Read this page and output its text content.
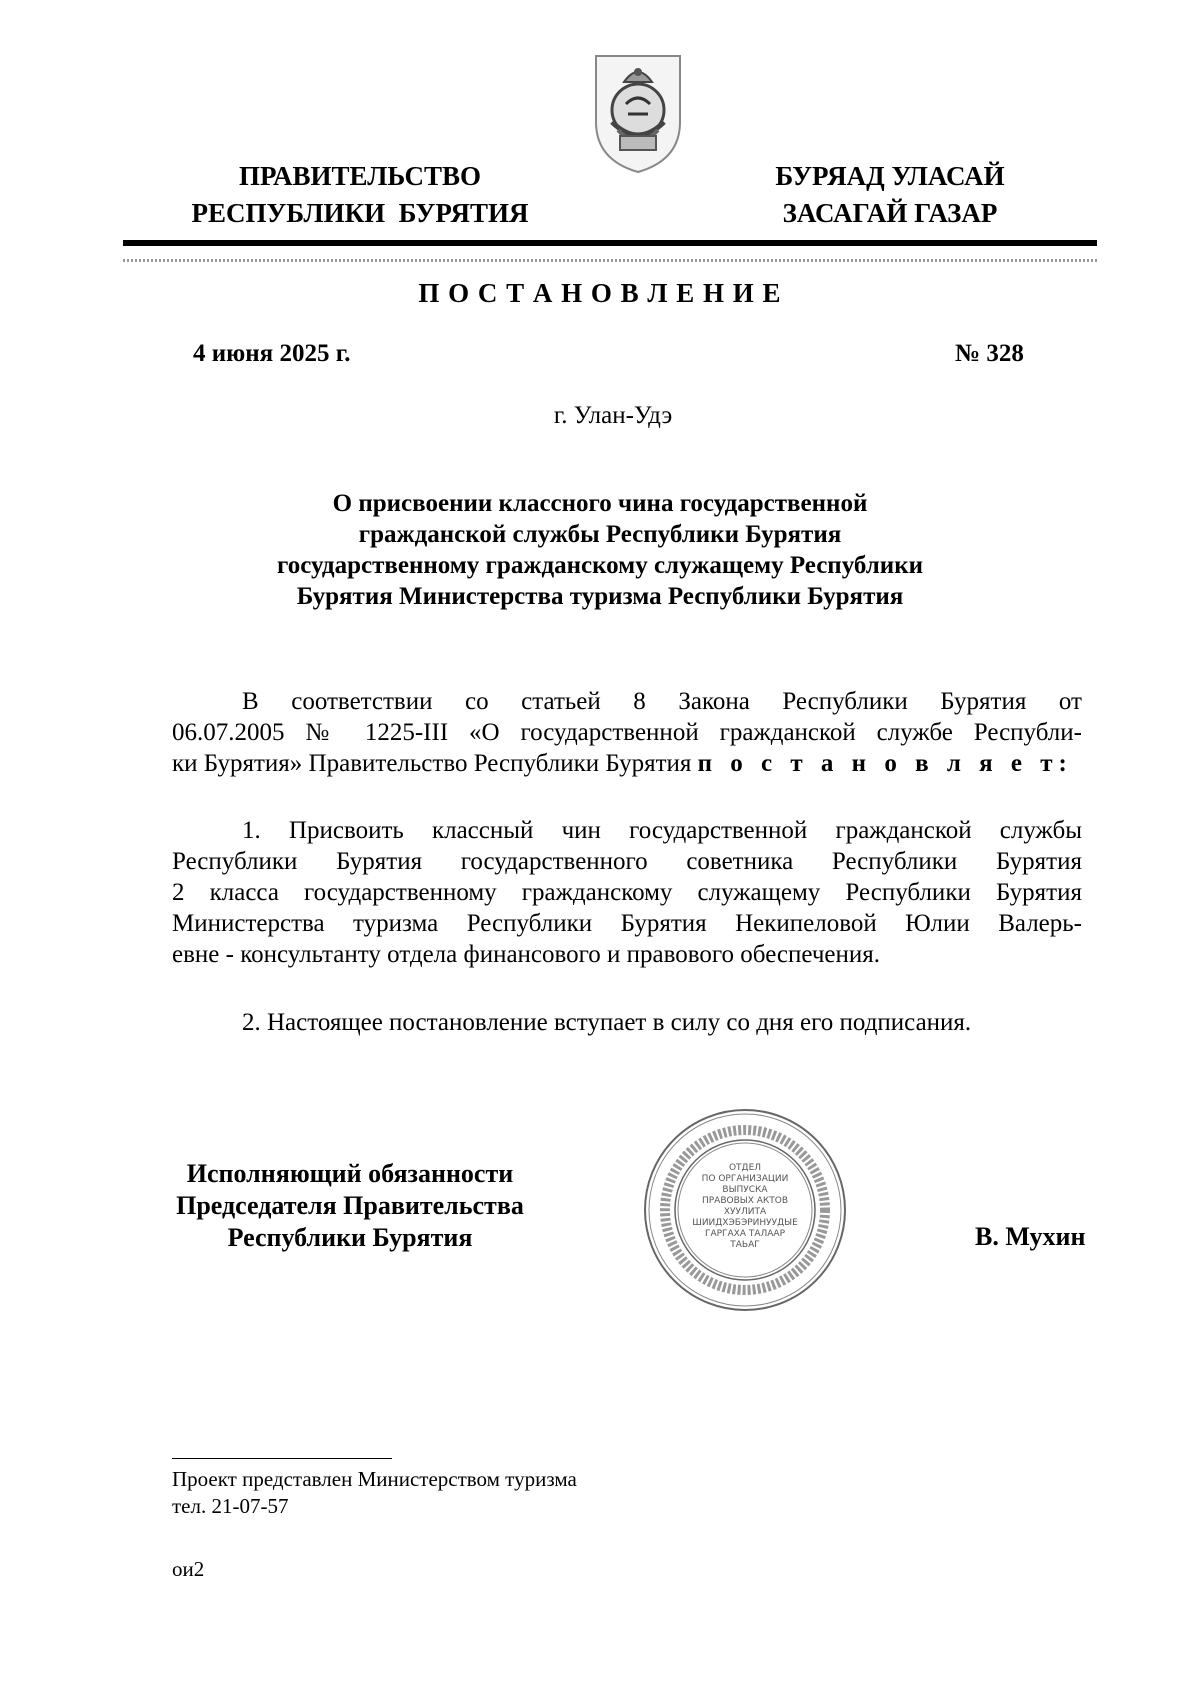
ПРАВИТЕЛЬСТВО
РЕСПУБЛИКИ  БУРЯТИЯ
БУРЯАД УЛАСАЙ
ЗАСАГАЙ ГАЗАР
П О С Т А Н О В Л Е Н И Е
4 июня 2025 г.	№ 328
г. Улан-Удэ
О присвоении классного чина государственной
гражданской службы Республики Бурятия
государственному гражданскому служащему Республики
Бурятия Министерства туризма Республики Бурятия
В соответствии со статьей 8 Закона Республики Бурятия от
06.07.2005 № 1225-III «О государственной гражданской службе Республи-
ки Бурятия» Правительство Республики Бурятия п о с т а н о в л я е т:
1. Присвоить классный чин государственной гражданской службы
Республики Бурятия государственного советника Республики Бурятия
2 класса государственному гражданскому служащему Республики Бурятия
Министерства туризма Республики Бурятия Некипеловой Юлии Валерь-
евне - консультанту отдела финансового и правового обеспечения.
2. Настоящее постановление вступает в силу со дня его подписания.
Исполняющий обязанности
Председателя Правительства
Республики Бурятия
ОТДЕЛ
ПО ОРГАНИЗАЦИИ
ВЫПУСКА
ПРАВОВЫХ АКТОВ
ХУУЛИТА
ШИИДХЭБЭРИНУУДЫЕ
ГАРГАХА ТАЛААР
ТАЬАГ	В. Мухин
Проект представлен Министерством туризма
тел. 21-07-57
ои2
